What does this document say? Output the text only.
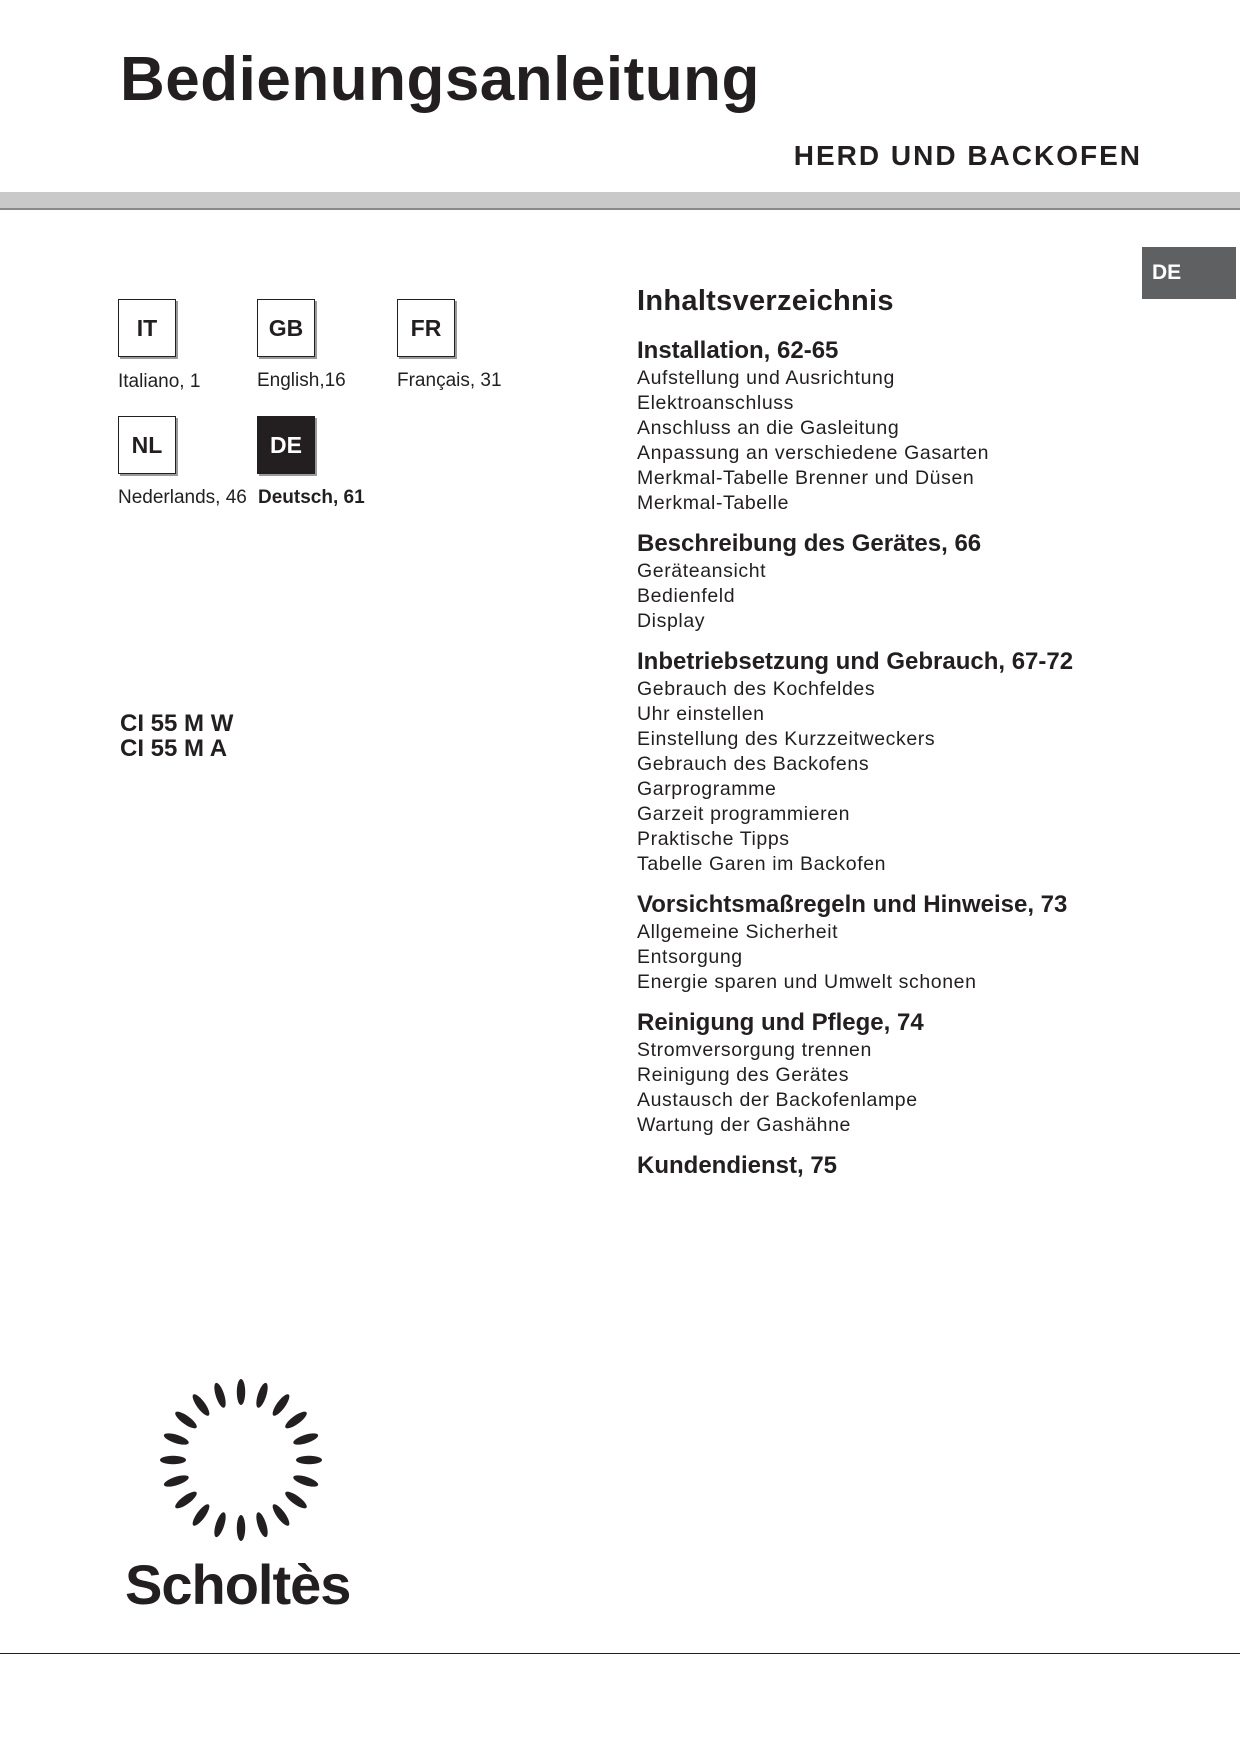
Bedienungsanleitung
HERD UND BACKOFEN
DE
IT
Italiano, 1
GB
English,16
FR
Français, 31
NL
Nederlands, 46
DE
Deutsch, 61
CI 55 M W
CI 55 M A
Inhaltsverzeichnis
Installation, 62-65
Aufstellung und Ausrichtung
Elektroanschluss
Anschluss an die Gasleitung
Anpassung an verschiedene Gasarten
Merkmal-Tabelle Brenner und Düsen
Merkmal-Tabelle
Beschreibung des Gerätes, 66
Geräteansicht
Bedienfeld
Display
Inbetriebsetzung und Gebrauch, 67-72
Gebrauch des Kochfeldes
Uhr einstellen
Einstellung des Kurzzeitweckers
Gebrauch des Backofens
Garprogramme
Garzeit programmieren
Praktische Tipps
Tabelle Garen im Backofen
Vorsichtsmaßregeln und Hinweise, 73
Allgemeine Sicherheit
Entsorgung
Energie sparen und Umwelt schonen
Reinigung und Pflege, 74
Stromversorgung trennen
Reinigung des Gerätes
Austausch der Backofenlampe
Wartung der Gashähne
Kundendienst, 75
Scholtès
